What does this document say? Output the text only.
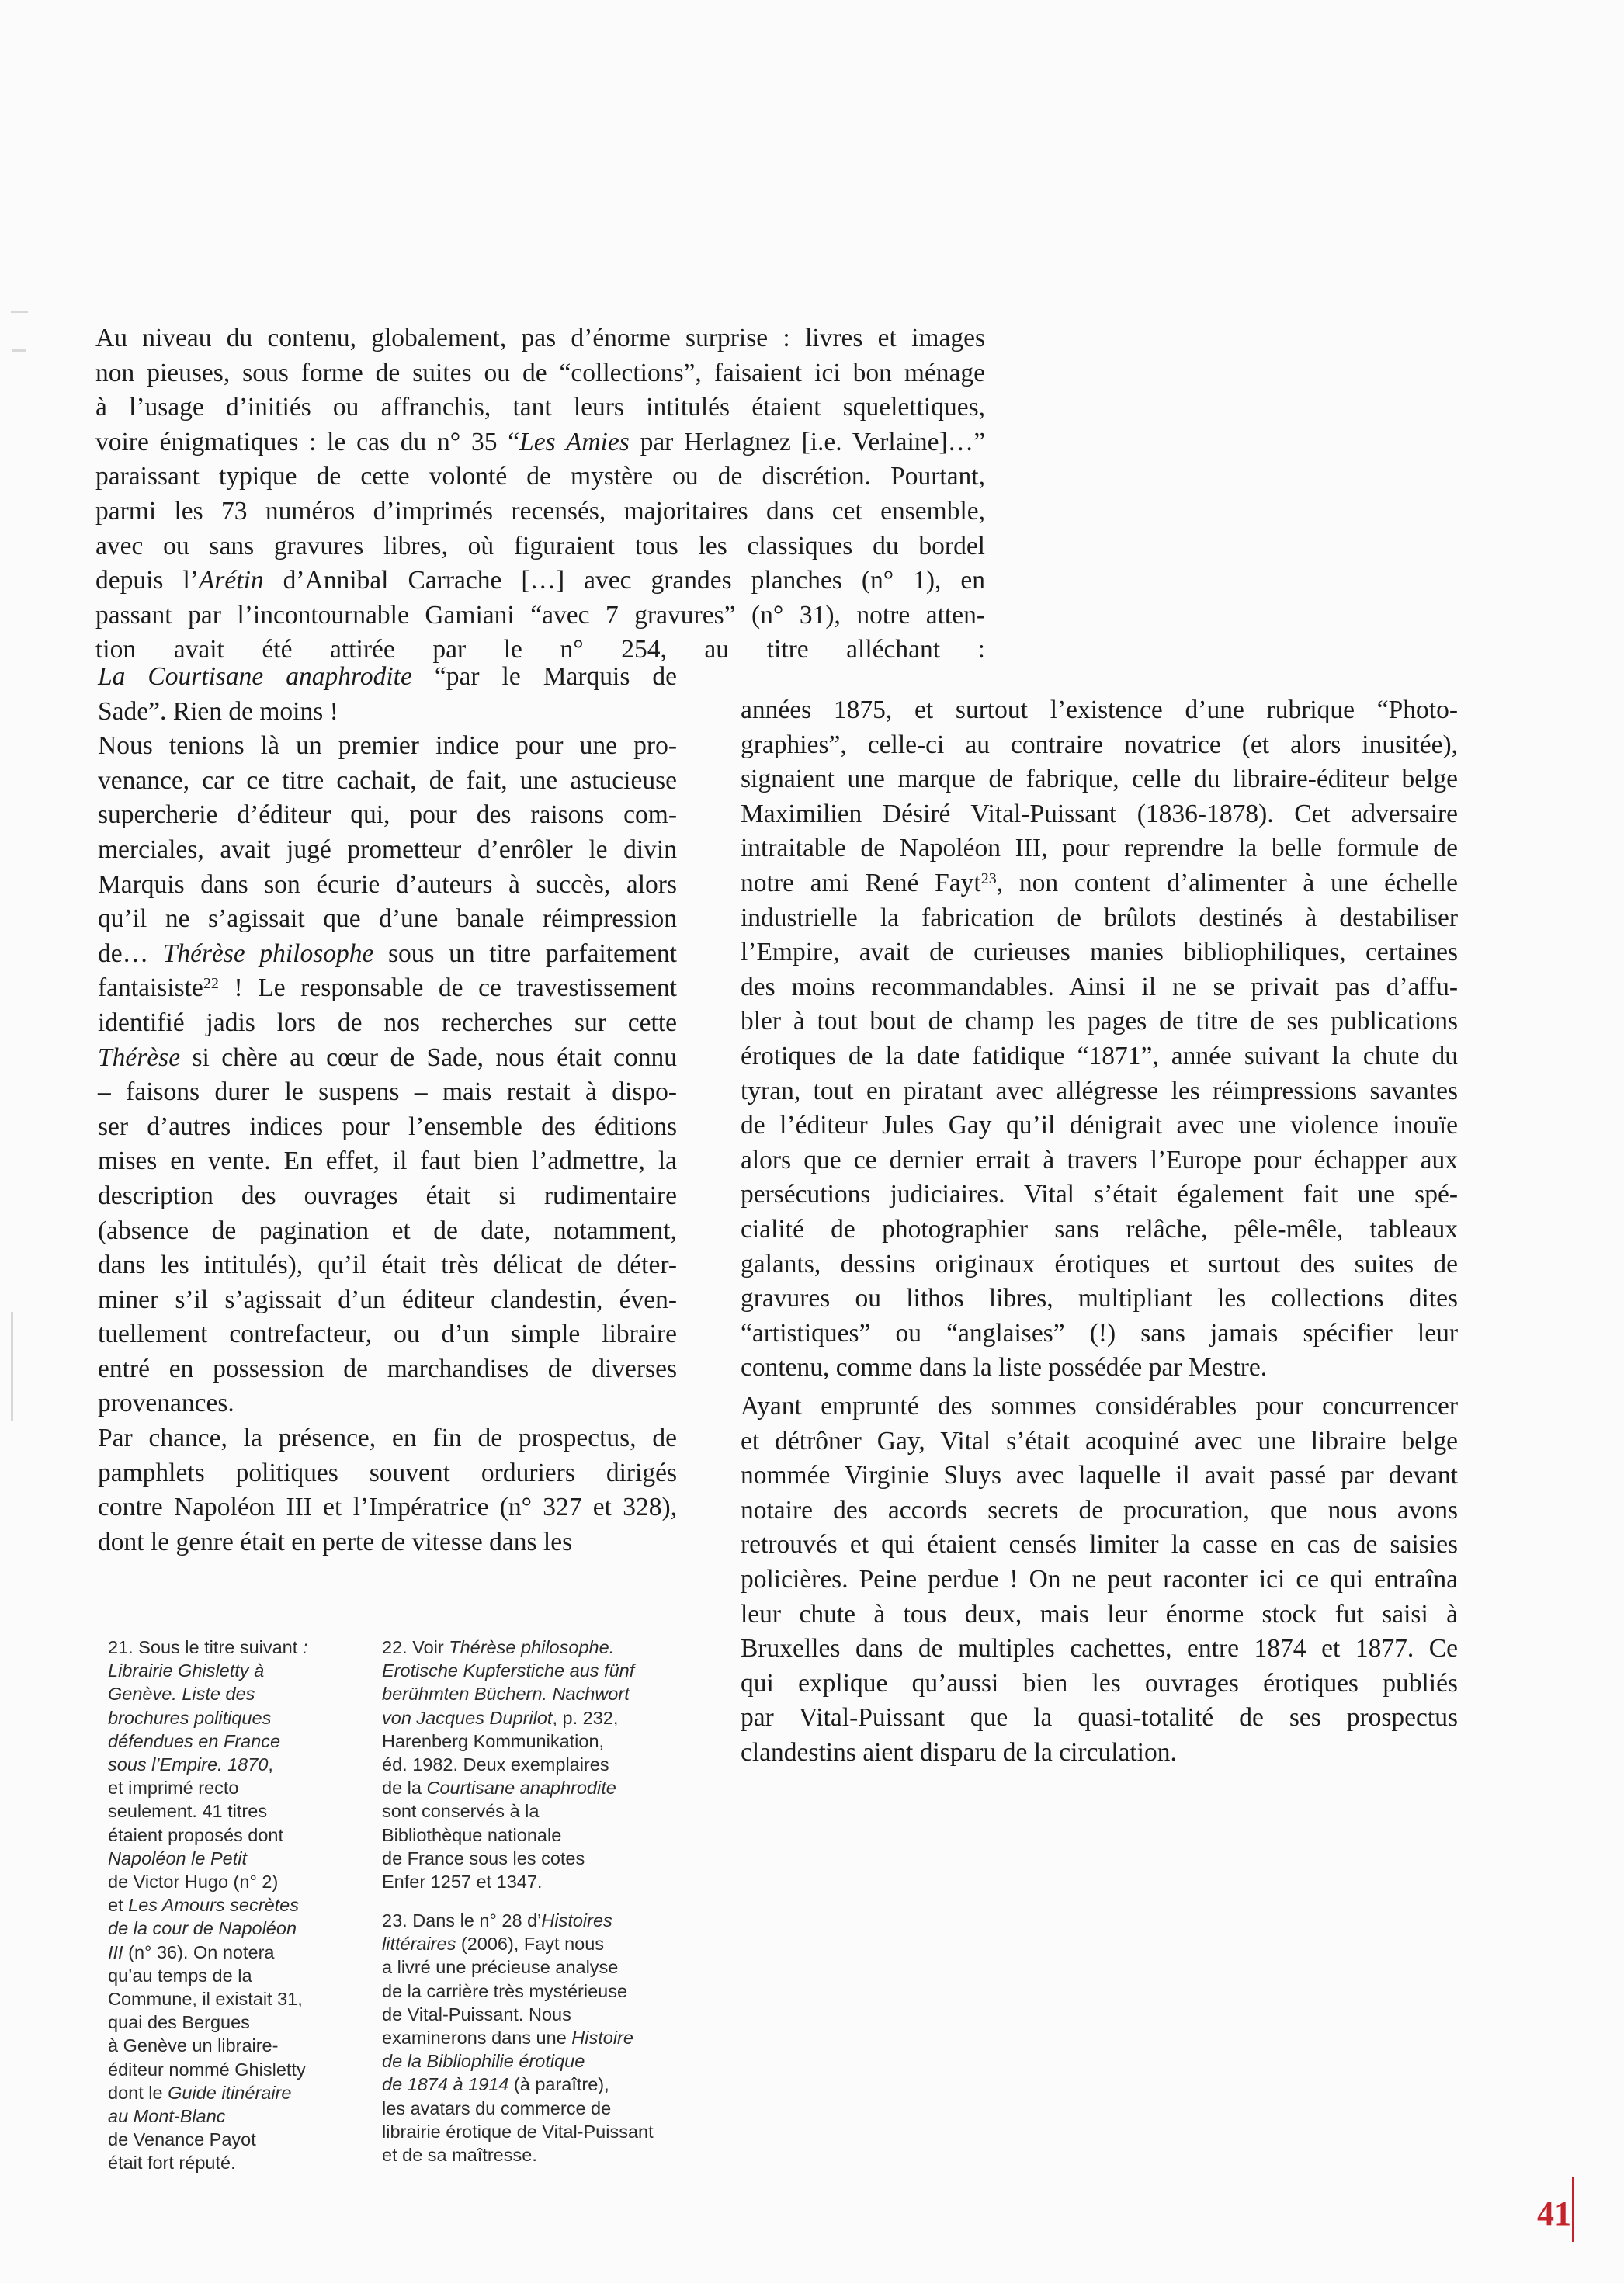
Au niveau du contenu, globalement, pas d’énorme surprise : livres et images
non pieuses, sous forme de suites ou de “collections”, faisaient ici bon ménage
à l’usage d’initiés ou affranchis, tant leurs intitulés étaient squelettiques,
voire énigmatiques : le cas du n° 35 “Les Amies par Herlagnez [i.e. Verlaine]…”
paraissant typique de cette volonté de mystère ou de discrétion. Pourtant,
parmi les 73 numéros d’imprimés recensés, majoritaires dans cet ensemble,
avec ou sans gravures libres, où figuraient tous les classiques du bordel
depuis l’Arétin d’Annibal Carrache […] avec grandes planches (n° 1), en
passant par l’incontournable Gamiani “avec 7 gravures” (n° 31), notre atten-
tion avait été attirée par le n° 254, au titre alléchant :
La Courtisane anaphrodite “par le Marquis de
Sade”. Rien de moins !
Nous tenions là un premier indice pour une pro-
venance, car ce titre cachait, de fait, une astucieuse
supercherie d’éditeur qui, pour des raisons com-
merciales, avait jugé prometteur d’enrôler le divin
Marquis dans son écurie d’auteurs à succès, alors
qu’il ne s’agissait que d’une banale réimpression
de… Thérèse philosophe sous un titre parfaitement
fantaisiste$^{22}$ ! Le responsable de ce travestissement
identifié jadis lors de nos recherches sur cette
Thérèse si chère au cœur de Sade, nous était connu
– faisons durer le suspens – mais restait à dispo-
ser d’autres indices pour l’ensemble des éditions
mises en vente. En effet, il faut bien l’admettre, la
description des ouvrages était si rudimentaire
(absence de pagination et de date, notamment,
dans les intitulés), qu’il était très délicat de déter-
miner s’il s’agissait d’un éditeur clandestin, éven-
tuellement contrefacteur, ou d’un simple libraire
entré en possession de marchandises de diverses
provenances.
Par chance, la présence, en fin de prospectus, de
pamphlets politiques souvent orduriers dirigés
contre Napoléon III et l’Impératrice (n° 327 et 328),
dont le genre était en perte de vitesse dans les
années 1875, et surtout l’existence d’une rubrique “Photo-
graphies”, celle-ci au contraire novatrice (et alors inusitée),
signaient une marque de fabrique, celle du libraire-éditeur belge
Maximilien Désiré Vital-Puissant (1836-1878). Cet adversaire
intraitable de Napoléon III, pour reprendre la belle formule de
notre ami René Fayt$^{23}$, non content d’alimenter à une échelle
industrielle la fabrication de brûlots destinés à destabiliser
l’Empire, avait de curieuses manies bibliophiliques, certaines
des moins recommandables. Ainsi il ne se privait pas d’affu-
bler à tout bout de champ les pages de titre de ses publications
érotiques de la date fatidique “1871”, année suivant la chute du
tyran, tout en piratant avec allégresse les réimpressions savantes
de l’éditeur Jules Gay qu’il dénigrait avec une violence inouïe
alors que ce dernier errait à travers l’Europe pour échapper aux
persécutions judiciaires. Vital s’était également fait une spé-
cialité de photographier sans relâche, pêle-mêle, tableaux
galants, dessins originaux érotiques et surtout des suites de
gravures ou lithos libres, multipliant les collections dites
“artistiques” ou “anglaises” (!) sans jamais spécifier leur
contenu, comme dans la liste possédée par Mestre.
Ayant emprunté des sommes considérables pour concurrencer
et détrôner Gay, Vital s’était acoquiné avec une libraire belge
nommée Virginie Sluys avec laquelle il avait passé par devant
notaire des accords secrets de procuration, que nous avons
retrouvés et qui étaient censés limiter la casse en cas de saisies
policières. Peine perdue ! On ne peut raconter ici ce qui entraîna
leur chute à tous deux, mais leur énorme stock fut saisi à
Bruxelles dans de multiples cachettes, entre 1874 et 1877. Ce
qui explique qu’aussi bien les ouvrages érotiques publiés
par Vital-Puissant que la quasi-totalité de ses prospectus
clandestins aient disparu de la circulation.
21. Sous le titre suivant :
Librairie Ghisletty à
Genève. Liste des
brochures politiques
défendues en France
sous l’Empire. 1870,
et imprimé recto
seulement. 41 titres
étaient proposés dont
Napoléon le Petit
de Victor Hugo (n° 2)
et Les Amours secrètes
de la cour de Napoléon
III (n° 36). On notera
qu’au temps de la
Commune, il existait 31,
quai des Bergues
à Genève un libraire-
éditeur nommé Ghisletty
dont le Guide itinéraire
au Mont-Blanc
de Venance Payot
était fort réputé.
22. Voir Thérèse philosophe.
Erotische Kupferstiche aus fünf
berühmten Büchern. Nachwort
von Jacques Duprilot, p. 232,
Harenberg Kommunikation,
éd. 1982. Deux exemplaires
de la Courtisane anaphrodite
sont conservés à la
Bibliothèque nationale
de France sous les cotes
Enfer 1257 et 1347.
23. Dans le n° 28 d’Histoires
littéraires (2006), Fayt nous
a livré une précieuse analyse
de la carrière très mystérieuse
de Vital-Puissant. Nous
examinerons dans une Histoire
de la Bibliophilie érotique
de 1874 à 1914 (à paraître),
les avatars du commerce de
librairie érotique de Vital-Puissant
et de sa maîtresse.
41
